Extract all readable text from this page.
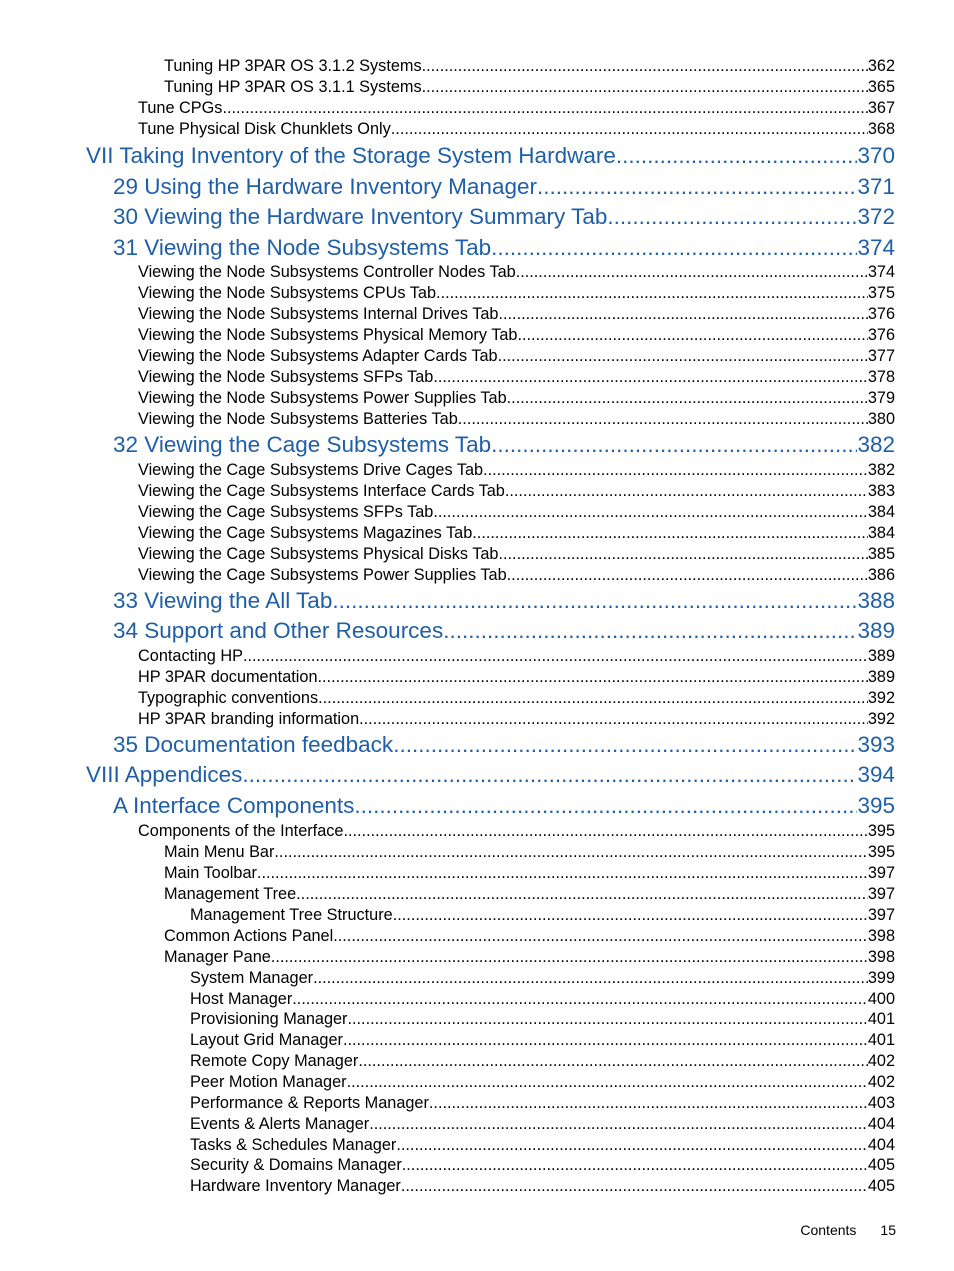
Tuning HP 3PAR OS 3.1.2 Systems .....	362
Tuning HP 3PAR OS 3.1.1 Systems .....	365
Tune CPGs .....	367
Tune Physical Disk Chunklets Only .....	368
VII Taking Inventory of the Storage System Hardware .....	370
29 Using the Hardware Inventory Manager .....	371
30 Viewing the Hardware Inventory Summary Tab .....	372
31 Viewing the Node Subsystems Tab .....	374
Viewing the Node Subsystems Controller Nodes Tab .....	374
Viewing the Node Subsystems CPUs Tab .....	375
Viewing the Node Subsystems Internal Drives Tab .....	376
Viewing the Node Subsystems Physical Memory Tab .....	376
Viewing the Node Subsystems Adapter Cards Tab .....	377
Viewing the Node Subsystems SFPs Tab .....	378
Viewing the Node Subsystems Power Supplies Tab .....	379
Viewing the Node Subsystems Batteries Tab .....	380
32 Viewing the Cage Subsystems Tab .....	382
Viewing the Cage Subsystems Drive Cages Tab .....	382
Viewing the Cage Subsystems Interface Cards Tab .....	383
Viewing the Cage Subsystems SFPs Tab .....	384
Viewing the Cage Subsystems Magazines Tab .....	384
Viewing the Cage Subsystems Physical Disks Tab .....	385
Viewing the Cage Subsystems Power Supplies Tab .....	386
33 Viewing the All Tab .....	388
34 Support and Other Resources .....	389
Contacting HP .....	389
HP 3PAR documentation .....	389
Typographic conventions .....	392
HP 3PAR branding information .....	392
35 Documentation feedback .....	393
VIII Appendices .....	394
A Interface Components .....	395
Components of the Interface .....	395
Main Menu Bar .....	395
Main Toolbar .....	397
Management Tree .....	397
Management Tree Structure .....	397
Common Actions Panel .....	398
Manager Pane .....	398
System Manager .....	399
Host Manager .....	400
Provisioning Manager .....	401
Layout Grid Manager .....	401
Remote Copy Manager .....	402
Peer Motion Manager .....	402
Performance & Reports Manager .....	403
Events & Alerts Manager .....	404
Tasks & Schedules Manager .....	404
Security & Domains Manager .....	405
Hardware Inventory Manager .....	405
Contents 15
